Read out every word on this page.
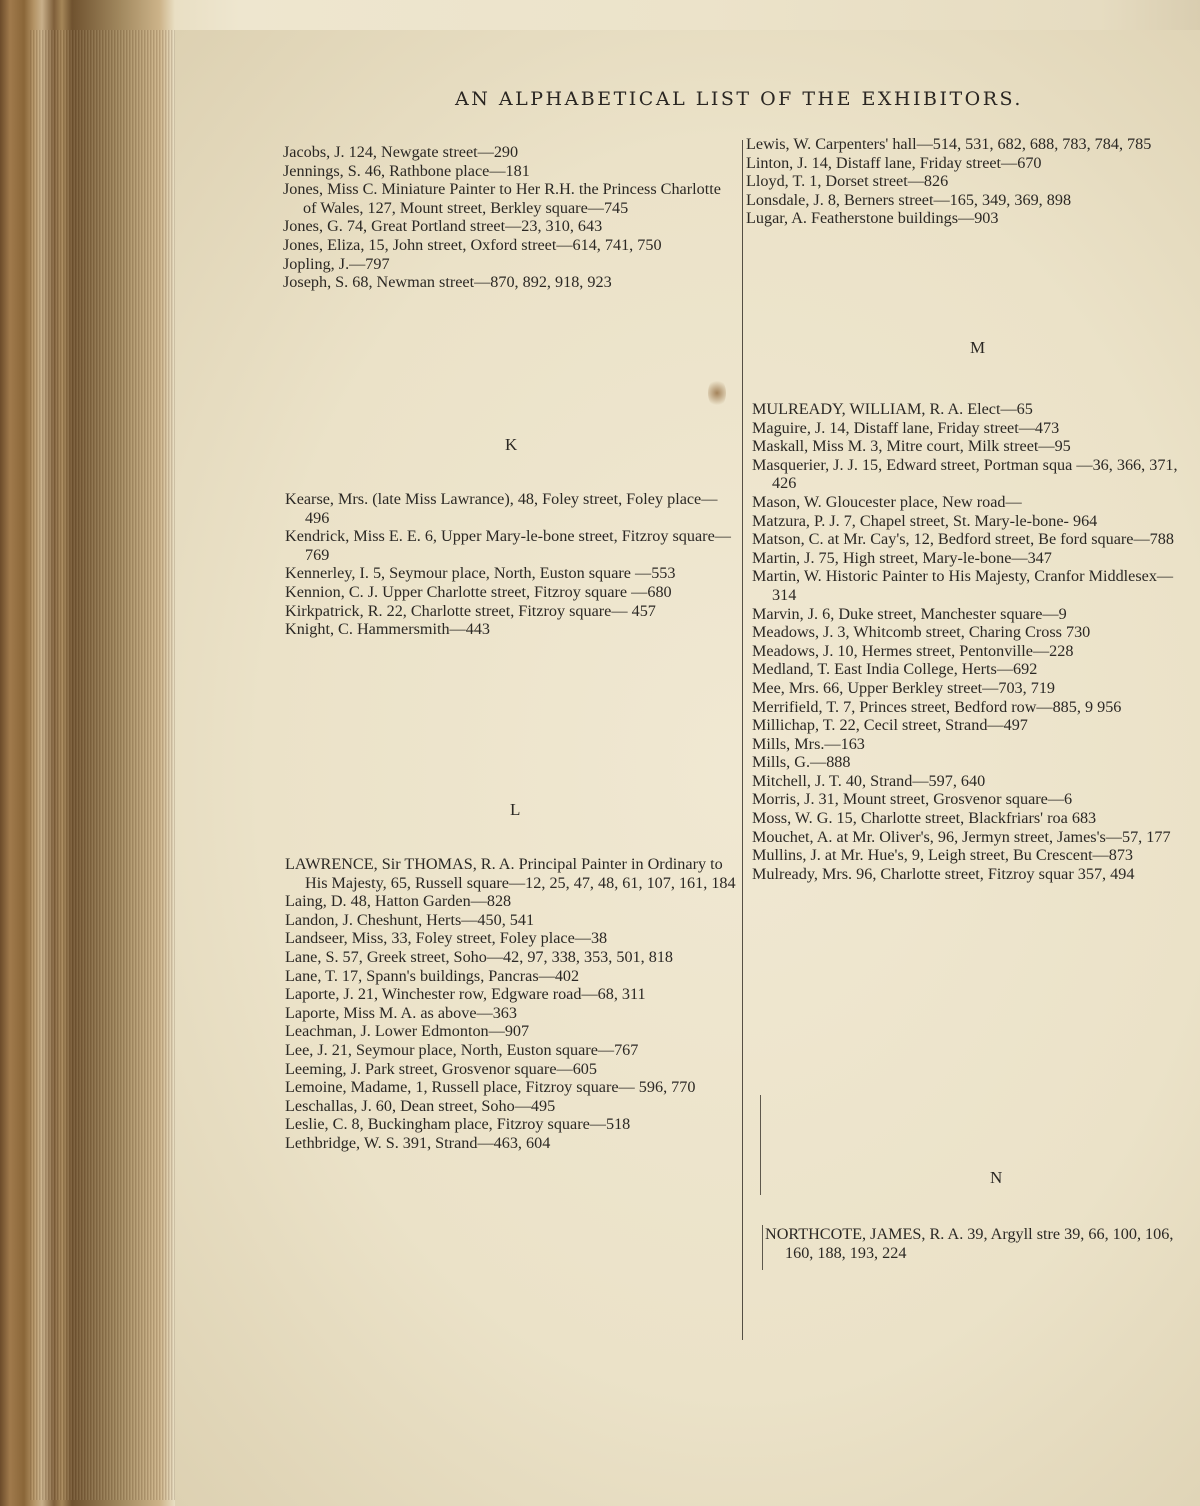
AN ALPHABETICAL LIST OF THE EXHIBITORS.

Jacobs, J. 124, Newgate street—290

Jennings, S. 46, Rathbone place—181

Jones, Miss C. Miniature Painter to Her R.H. the Princess Charlotte of Wales, 127, Mount street, Berkley square—745

Jones, G. 74, Great Portland street—23, 310, 643

Jones, Eliza, 15, John street, Oxford street—614, 741, 750

Jopling, J.—797

Joseph, S. 68, Newman street—870, 892, 918, 923

K

Kearse, Mrs. (late Miss Lawrance), 48, Foley street, Foley place—496

Kendrick, Miss E. E. 6, Upper Mary-le-bone street, Fitzroy square—769

Kennerley, I. 5, Seymour place, North, Euston square —553

Kennion, C. J. Upper Charlotte street, Fitzroy square —680

Kirkpatrick, R. 22, Charlotte street, Fitzroy square— 457

Knight, C. Hammersmith—443

L

LAWRENCE, Sir THOMAS, R. A. Principal Painter in Ordinary to His Majesty, 65, Russell square—12, 25, 47, 48, 61, 107, 161, 184

Laing, D. 48, Hatton Garden—828

Landon, J. Cheshunt, Herts—450, 541

Landseer, Miss, 33, Foley street, Foley place—38

Lane, S. 57, Greek street, Soho—42, 97, 338, 353, 501, 818

Lane, T. 17, Spann's buildings, Pancras—402

Laporte, J. 21, Winchester row, Edgware road—68, 311

Laporte, Miss M. A. as above—363

Leachman, J. Lower Edmonton—907

Lee, J. 21, Seymour place, North, Euston square—767

Leeming, J. Park street, Grosvenor square—605

Lemoine, Madame, 1, Russell place, Fitzroy square— 596, 770

Leschallas, J. 60, Dean street, Soho—495

Leslie, C. 8, Buckingham place, Fitzroy square—518

Lethbridge, W. S. 391, Strand—463, 604

Lewis, W. Carpenters' hall—514, 531, 682, 688, 783, 784, 785

Linton, J. 14, Distaff lane, Friday street—670

Lloyd, T. 1, Dorset street—826

Lonsdale, J. 8, Berners street—165, 349, 369, 898

Lugar, A. Featherstone buildings—903

M

MULREADY, WILLIAM, R. A. Elect—65

Maguire, J. 14, Distaff lane, Friday street—473

Maskall, Miss M. 3, Mitre court, Milk street—95

Masquerier, J. J. 15, Edward street, Portman squa —36, 366, 371, 426

Mason, W. Gloucester place, New road—

Matzura, P. J. 7, Chapel street, St. Mary-le-bone- 964

Matson, C. at Mr. Cay's, 12, Bedford street, Be ford square—788

Martin, J. 75, High street, Mary-le-bone—347

Martin, W. Historic Painter to His Majesty, Cranfor Middlesex—314

Marvin, J. 6, Duke street, Manchester square—9

Meadows, J. 3, Whitcomb street, Charing Cross 730

Meadows, J. 10, Hermes street, Pentonville—228

Medland, T. East India College, Herts—692

Mee, Mrs. 66, Upper Berkley street—703, 719

Merrifield, T. 7, Princes street, Bedford row—885, 9 956

Millichap, T. 22, Cecil street, Strand—497

Mills, Mrs.—163

Mills, G.—888

Mitchell, J. T. 40, Strand—597, 640

Morris, J. 31, Mount street, Grosvenor square—6

Moss, W. G. 15, Charlotte street, Blackfriars' roa 683

Mouchet, A. at Mr. Oliver's, 96, Jermyn street, James's—57, 177

Mullins, J. at Mr. Hue's, 9, Leigh street, Bu Crescent—873

Mulready, Mrs. 96, Charlotte street, Fitzroy squar 357, 494

N

NORTHCOTE, JAMES, R. A. 39, Argyll stre 39, 66, 100, 106, 160, 188, 193, 224
